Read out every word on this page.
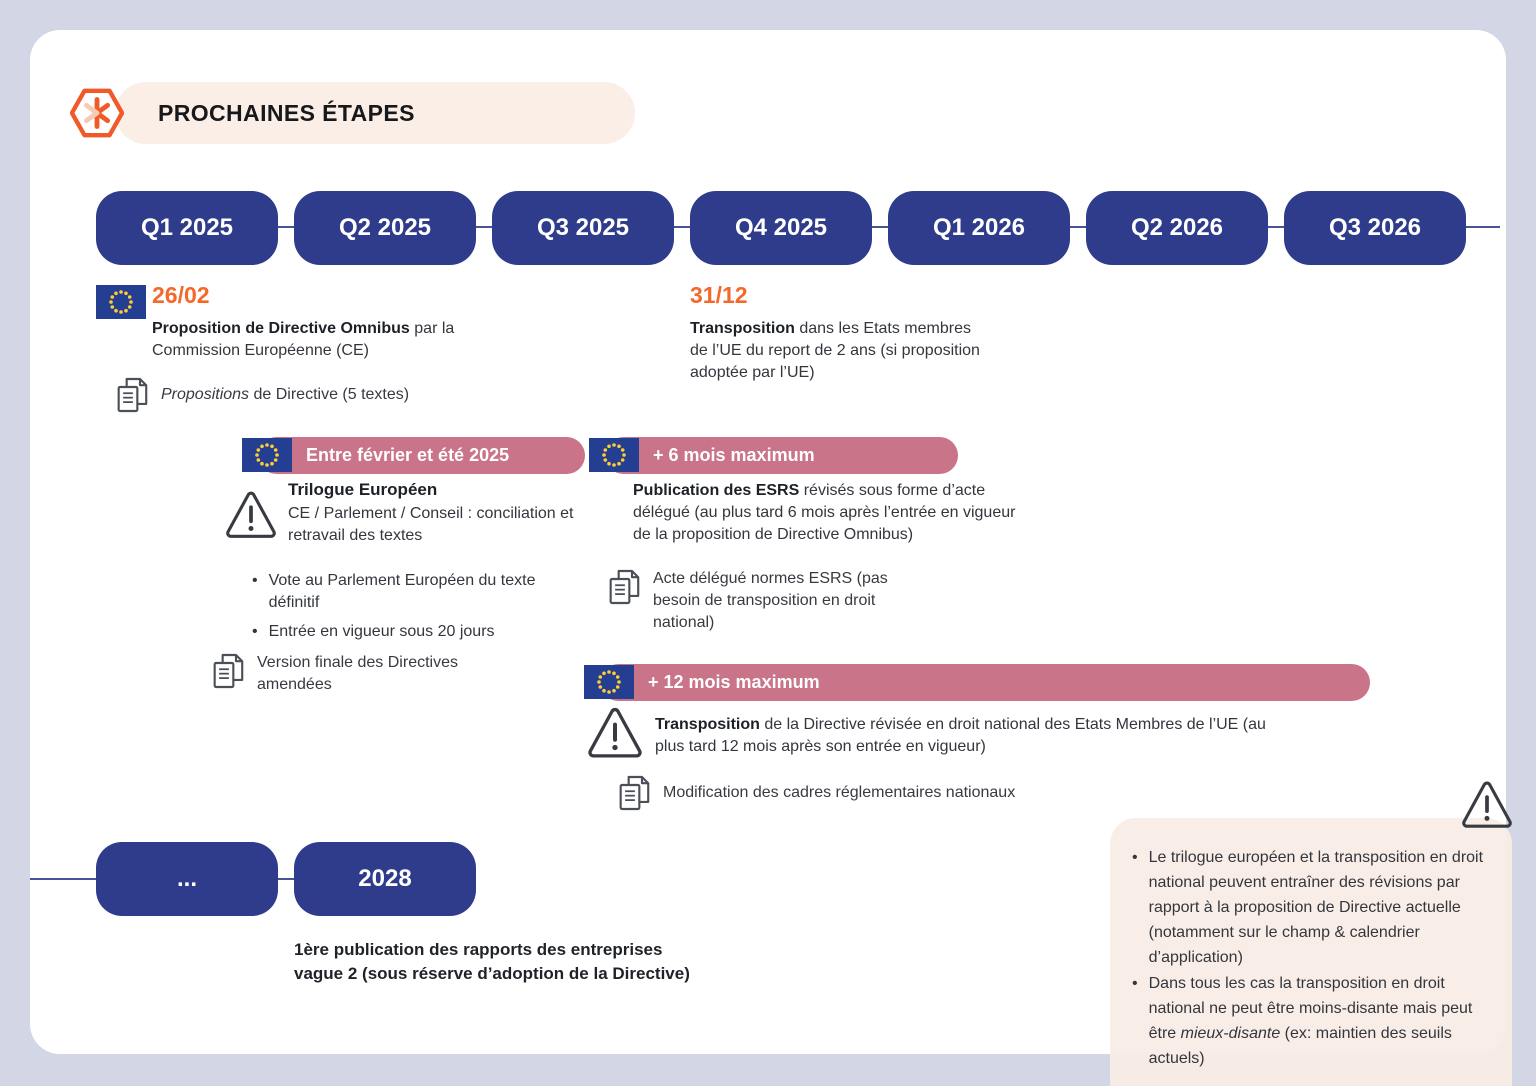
PROCHAINES ÉTAPES
Q1 2025	Q2 2025	Q3 2025	Q4 2025	Q1 2026	Q2 2026	Q3 2026
26/02

Proposition de Directive Omnibus par la Commission Européenne (CE)

Propositions de Directive (5 textes)
31/12

Transposition dans les Etats membres de l’UE du report de 2 ans (si proposition adoptée par l’UE)

Entre février et été 2025
Trilogue Européen

CE / Parlement / Conseil : conciliation et retravail des textes

• Vote au Parlement Européen du texte définitif
• Entrée en vigueur sous 20 jours
Version finale des Directives amendées
+ 6 mois maximum

Publication des ESRS révisés sous forme d’acte délégué (au plus tard 6 mois après l’entrée en vigueur de la proposition de Directive Omnibus)

Acte délégué normes ESRS (pas besoin de transposition en droit national)
+ 12 mois maximum

Transposition de la Directive révisée en droit national des Etats Membres de l’UE (au plus tard 12 mois après son entrée en vigueur)

Modification des cadres réglementaires nationaux
...	2028
1ère publication des rapports des entreprises
vague 2 (sous réserve d’adoption de la Directive)
• Le trilogue européen et la transposition en droit national peuvent entraîner des révisions par rapport à la proposition de Directive actuelle (notamment sur le champ & calendrier d’application)
• Dans tous les cas la transposition en droit national ne peut être moins-disante mais peut être mieux-disante (ex: maintien des seuils actuels)
